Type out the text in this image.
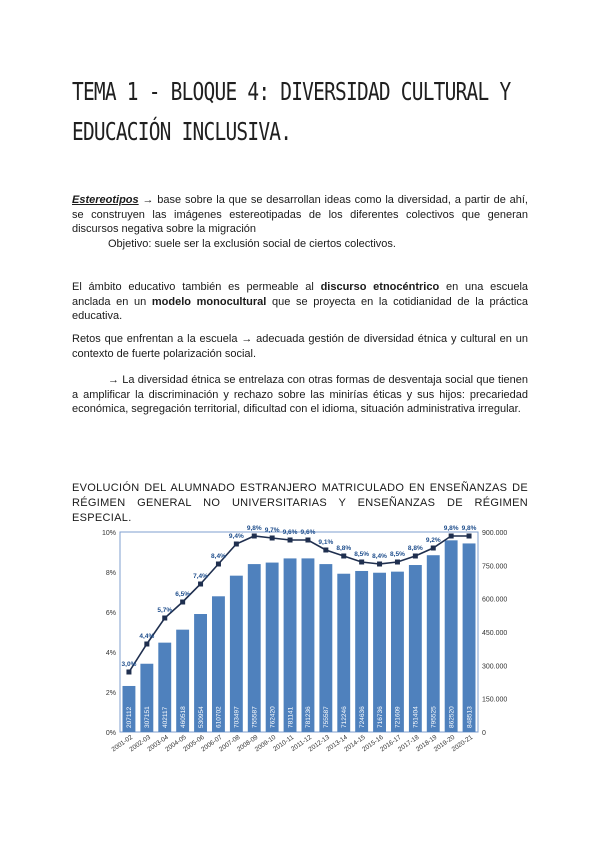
TEMA 1 - BLOQUE 4: DIVERSIDAD CULTURAL Y EDUCACIÓN INCLUSIVA.
Estereotipos → base sobre la que se desarrollan ideas como la diversidad, a partir de ahí, se construyen las imágenes estereotipadas de los diferentes colectivos que generan discursos negativa sobre la migración
Objetivo: suele ser la exclusión social de ciertos colectivos.
El ámbito educativo también es permeable al discurso etnocéntrico en una escuela anclada en un modelo monocultural que se proyecta en la cotidianidad de la práctica educativa.
Retos que enfrentan a la escuela → adecuada gestión de diversidad étnica y cultural en un contexto de fuerte polarización social.
→ La diversidad étnica se entrelaza con otras formas de desventaja social que tienen a amplificar la discriminación y rechazo sobre las minirías éticas y sus hijos: precariedad económica, segregación territorial, dificultad con el idioma, situación administrativa irregular.
EVOLUCIÓN DEL ALUMNADO ESTRANJERO MATRICULADO EN ENSEÑANZAS DE RÉGIMEN GENERAL NO UNIVERSITARIAS Y ENSEÑANZAS DE RÉGIMEN ESPECIAL.
0%
2%
4%
6%
8%
10%
0
150.000
300.000
450.000
600.000
750.000
900.000
207112 307151 402117 460518 530954 610702 703497 755587 762420 781141 781236 755587 712246 724636 716736 721609 751404 795525 862520 848513
3,0%
4,4%
5,7%
6,5%
7,4%
8,4%
9,4%
9,8% 9,7% 9,6% 9,6%
9,1%
8,8%
8,5% 8,4% 8,5%
8,8%
9,2%
9,8% 9,8%
2001-02
2002-03
2003-04
2004-05
2005-06
2006-07
2007-08
2008-09
2009-10
2010-11
2011-12
2012-13
2013-14
2014-15
2015-16
2016-17
2017-18
2018-19
2019-20
2020-21
